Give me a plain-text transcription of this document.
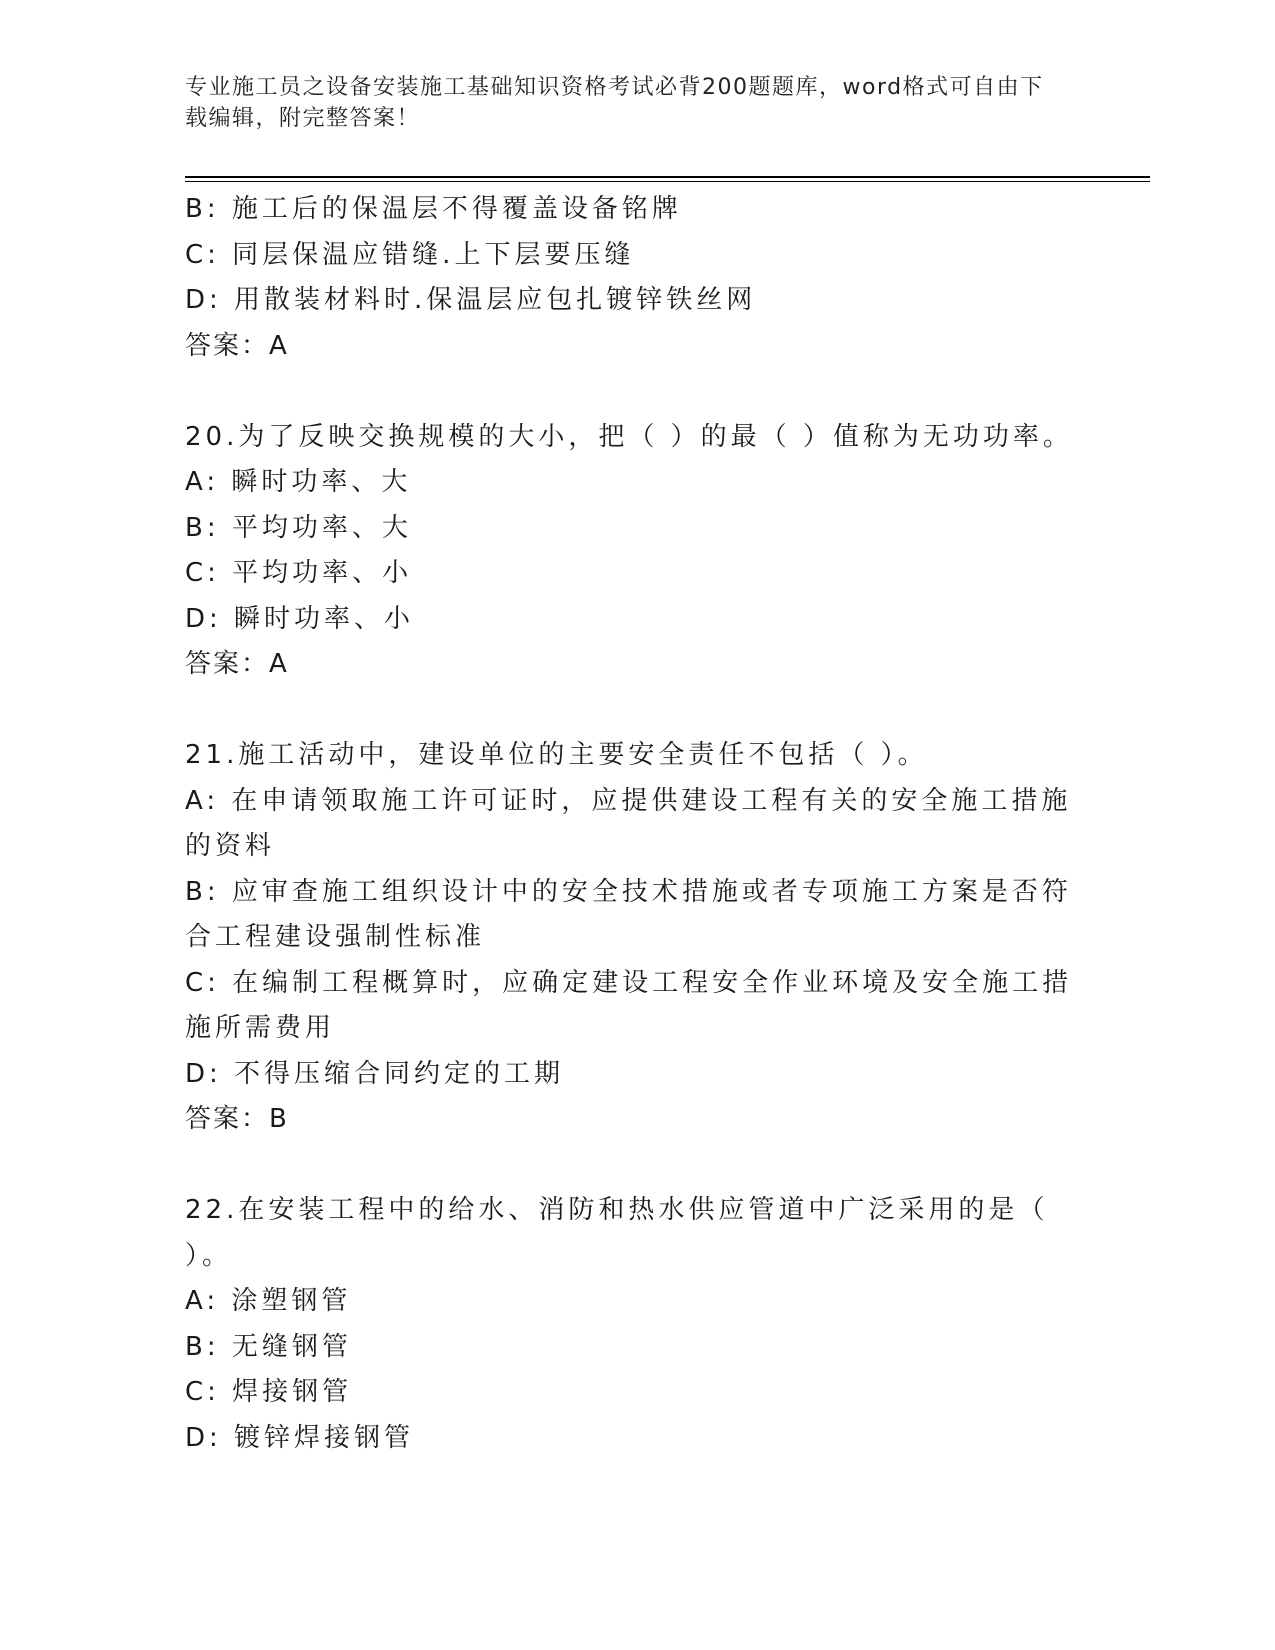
专业施工员之设备安装施工基础知识资格考试必背200题题库，word格式可自由下载编辑，附完整答案！
B: 施工后的保温层不得覆盖设备铭牌
C: 同层保温应错缝.上下层要压缝
D: 用散装材料时.保温层应包扎镀锌铁丝网
答案：A
20.为了反映交换规模的大小，把（ ）的最（ ）值称为无功功率。
A: 瞬时功率、大
B: 平均功率、大
C: 平均功率、小
D: 瞬时功率、小
答案：A
21.施工活动中，建设单位的主要安全责任不包括（ ）。
A: 在申请领取施工许可证时，应提供建设工程有关的安全施工措施的资料
B: 应审查施工组织设计中的安全技术措施或者专项施工方案是否符合工程建设强制性标准
C: 在编制工程概算时，应确定建设工程安全作业环境及安全施工措施所需费用
D: 不得压缩合同约定的工期
答案：B
22.在安装工程中的给水、消防和热水供应管道中广泛采用的是（ ）。
A: 涂塑钢管
B: 无缝钢管
C: 焊接钢管
D: 镀锌焊接钢管
